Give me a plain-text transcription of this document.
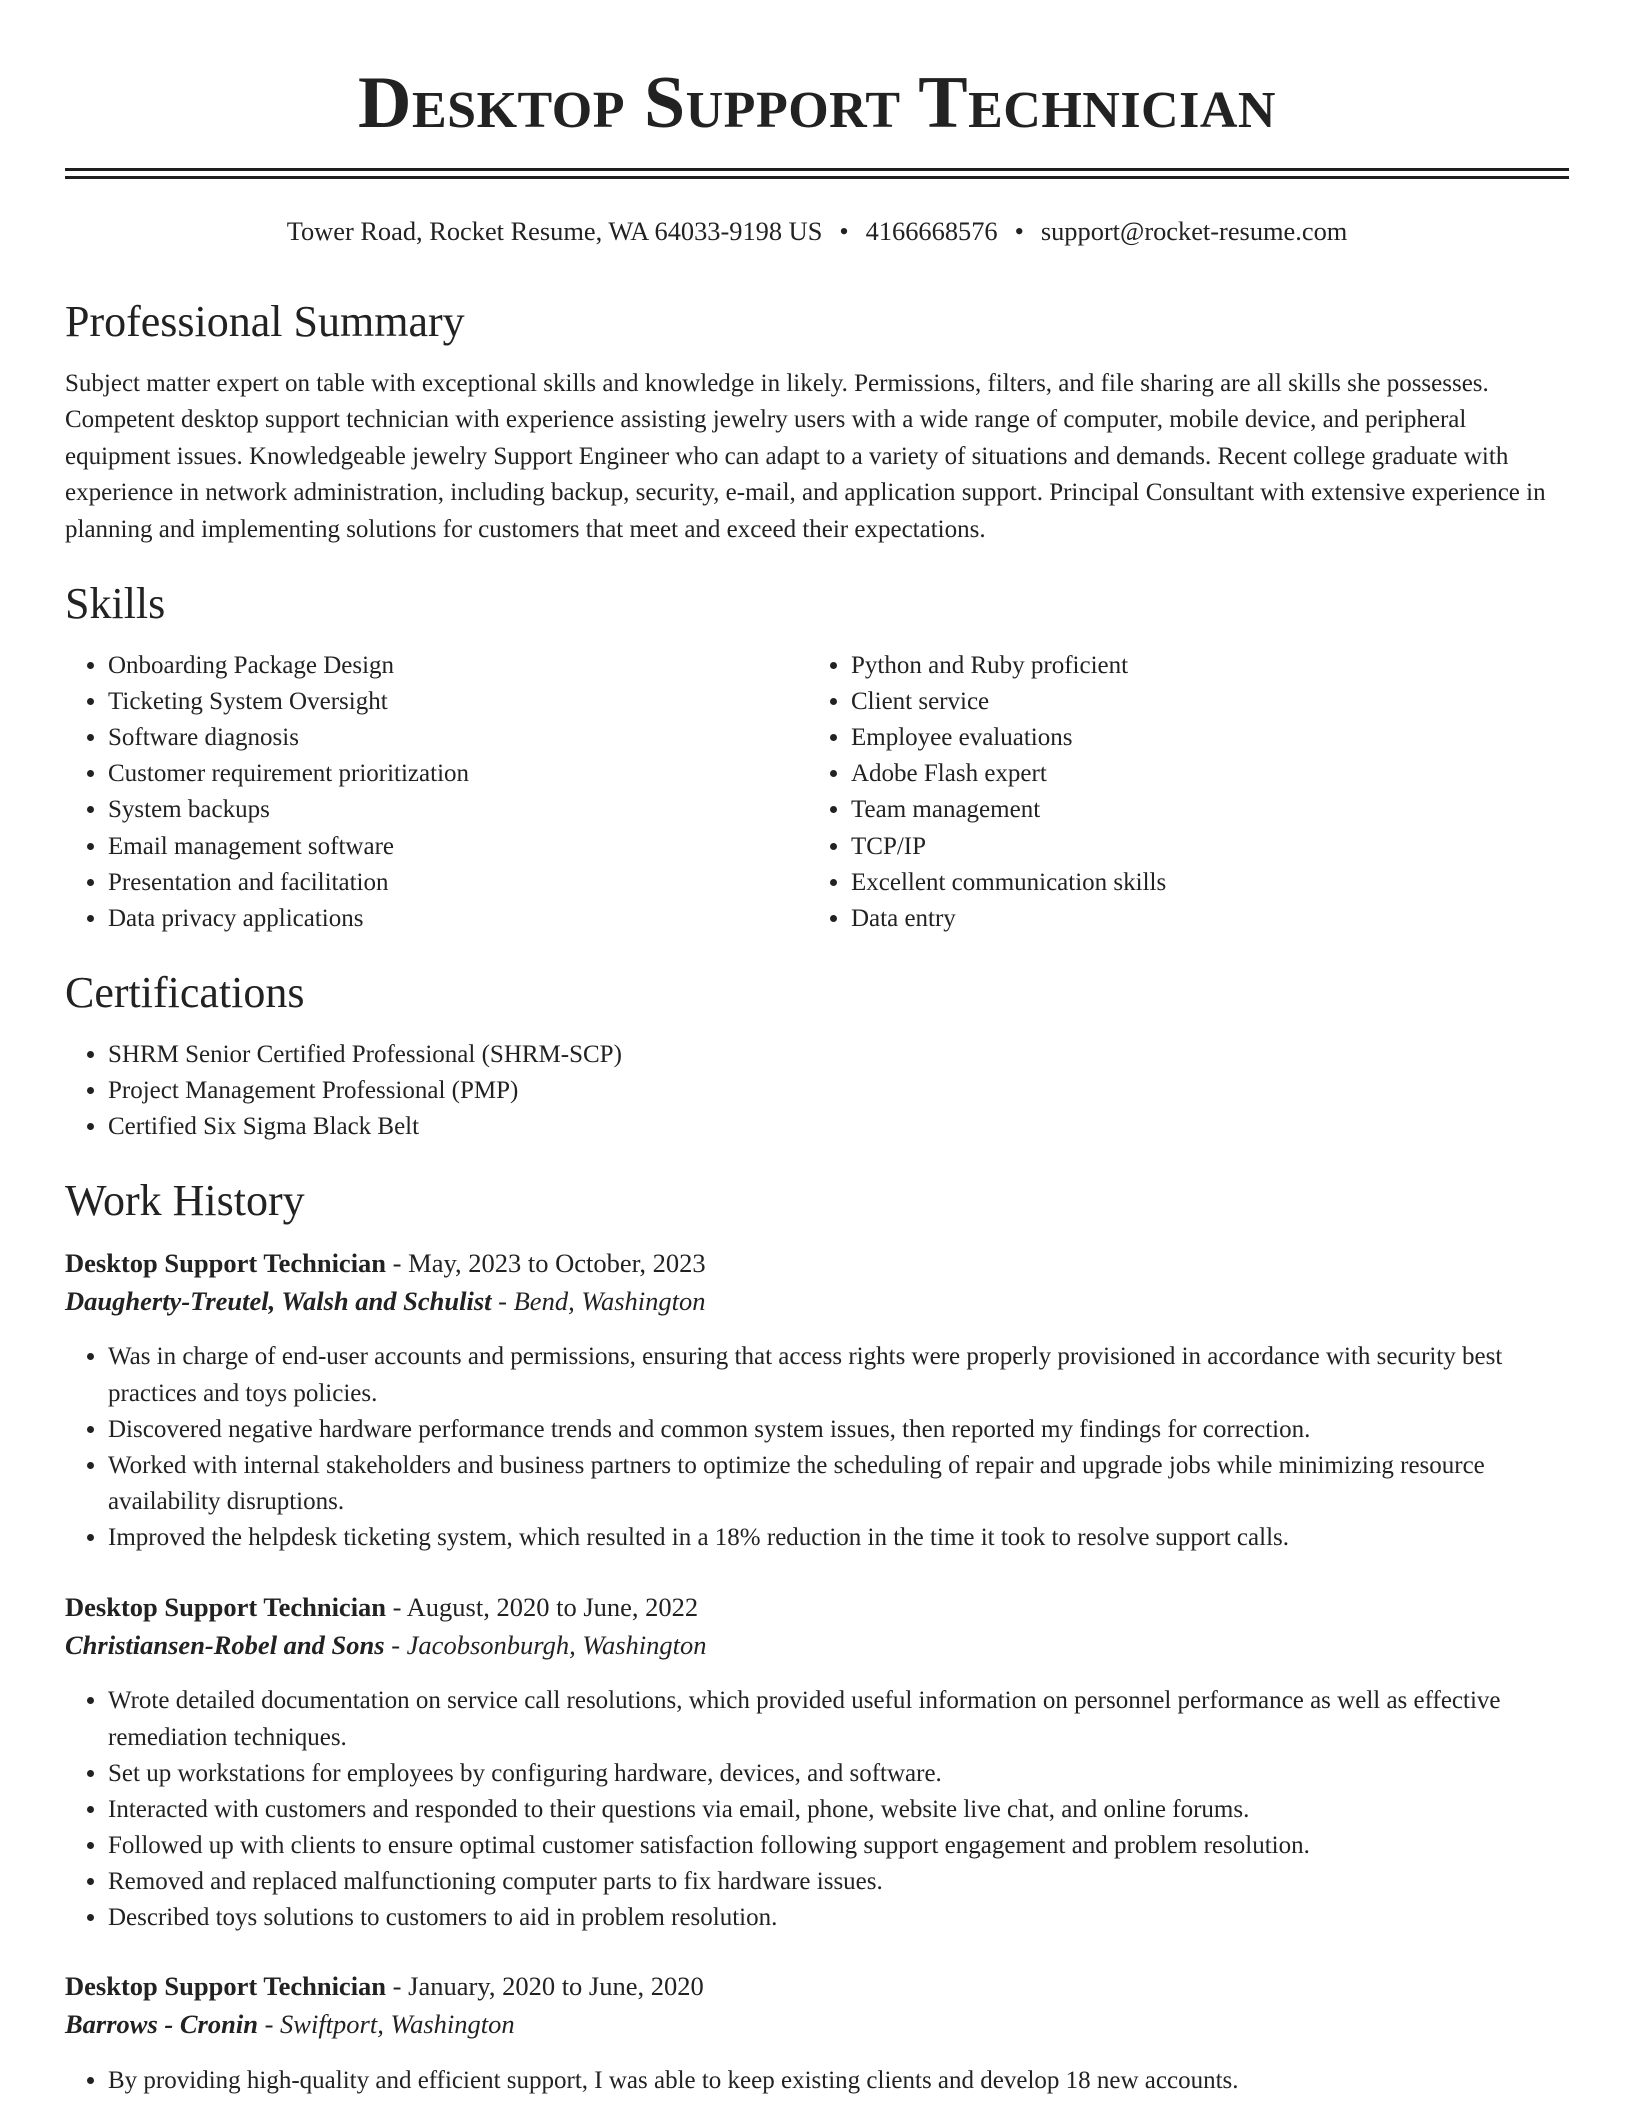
Desktop Support Technician
Tower Road, Rocket Resume, WA 64033-9198 US • 4166668576 • support@rocket-resume.com
Professional Summary

Subject matter expert on table with exceptional skills and knowledge in likely. Permissions, filters, and file sharing are all skills she possesses. Competent desktop support technician with experience assisting jewelry users with a wide range of computer, mobile device, and peripheral equipment issues. Knowledgeable jewelry Support Engineer who can adapt to a variety of situations and demands. Recent college graduate with experience in network administration, including backup, security, e-mail, and application support. Principal Consultant with extensive experience in planning and implementing solutions for customers that meet and exceed their expectations.

Skills
• Onboarding Package Design
• Ticketing System Oversight
• Software diagnosis
• Customer requirement prioritization
• System backups
• Email management software
• Presentation and facilitation
• Data privacy applications
• Python and Ruby proficient
• Client service
• Employee evaluations
• Adobe Flash expert
• Team management
• TCP/IP
• Excellent communication skills
• Data entry
Certifications
• SHRM Senior Certified Professional (SHRM-SCP)
• Project Management Professional (PMP)
• Certified Six Sigma Black Belt
Work History
Desktop Support Technician - May, 2023 to October, 2023
Daugherty-Treutel, Walsh and Schulist - Bend, Washington
• Was in charge of end-user accounts and permissions, ensuring that access rights were properly provisioned in accordance with security best practices and toys policies.
• Discovered negative hardware performance trends and common system issues, then reported my findings for correction.
• Worked with internal stakeholders and business partners to optimize the scheduling of repair and upgrade jobs while minimizing resource availability disruptions.
• Improved the helpdesk ticketing system, which resulted in a 18% reduction in the time it took to resolve support calls.
Desktop Support Technician - August, 2020 to June, 2022
Christiansen-Robel and Sons - Jacobsonburgh, Washington
• Wrote detailed documentation on service call resolutions, which provided useful information on personnel performance as well as effective remediation techniques.
• Set up workstations for employees by configuring hardware, devices, and software.
• Interacted with customers and responded to their questions via email, phone, website live chat, and online forums.
• Followed up with clients to ensure optimal customer satisfaction following support engagement and problem resolution.
• Removed and replaced malfunctioning computer parts to fix hardware issues.
• Described toys solutions to customers to aid in problem resolution.
Desktop Support Technician - January, 2020 to June, 2020
Barrows - Cronin - Swiftport, Washington
• By providing high-quality and efficient support, I was able to keep existing clients and develop 18 new accounts.
